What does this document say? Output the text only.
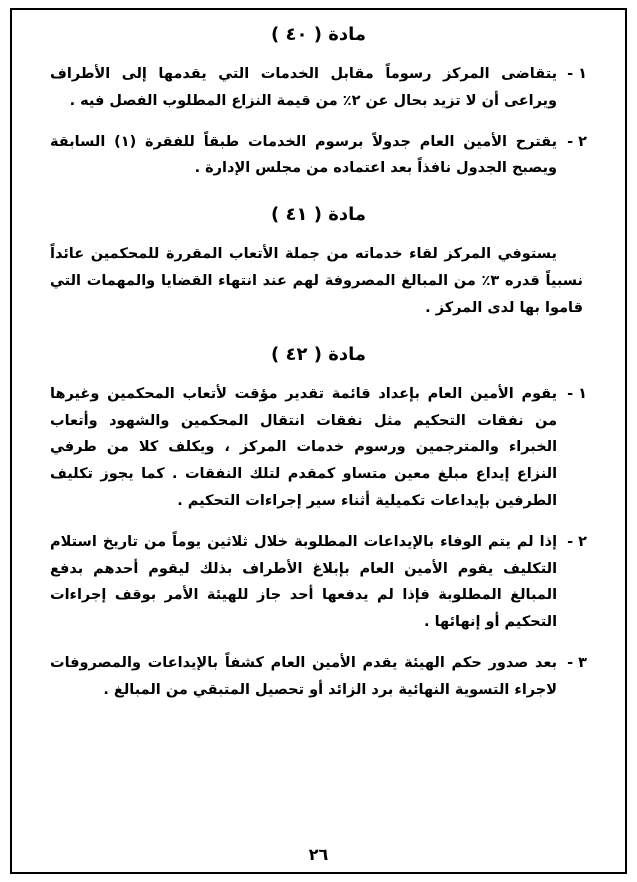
مادة ( ٤٠ )
١ -

يتقاضى المركز رسوماً مقابل الخدمات التي يقدمها إلى الأطراف ويراعى أن لا تزيد بحال عن ٢٪ من قيمة النزاع المطلوب الفصل فيه .

٢ -

يقترح الأمين العام جدولاً برسوم الخدمات طبقاً للفقرة (١) السابقة ويصبح الجدول نافذاً بعد اعتماده من مجلس الإدارة .

مادة ( ٤١ )

يستوفي المركز لقاء خدماته من جملة الأتعاب المقررة للمحكمين عائداً نسبياً قدره ٣٪ من المبالغ المصروفة لهم عند انتهاء القضايا والمهمات التي قاموا بها لدى المركز .

مادة ( ٤٢ )
١ -

يقوم الأمين العام بإعداد قائمة تقدير مؤقت لأتعاب المحكمين وغيرها من نفقات التحكيم مثل نفقات انتقال المحكمين والشهود وأتعاب الخبراء والمترجمين ورسوم خدمات المركز ، ويكلف كلا من طرفي النزاع إيداع مبلغ معين متساو كمقدم لتلك النفقات . كما يجوز تكليف الطرفين بإيداعات تكميلية أثناء سير إجراءات التحكيم .

٢ -

إذا لم يتم الوفاء بالإيداعات المطلوبة خلال ثلاثين يوماً من تاريخ استلام التكليف يقوم الأمين العام بإبلاغ الأطراف بذلك ليقوم أحدهم بدفع المبالغ المطلوبة فإذا لم يدفعها أحد جاز للهيئة الأمر بوقف إجراءات التحكيم أو إنهائها .

٣ -

بعد صدور حكم الهيئة يقدم الأمين العام كشفاً بالإيداعات والمصروفات لاجراء التسوية النهائية برد الزائد أو تحصيل المتبقي من المبالغ .

٢٦
